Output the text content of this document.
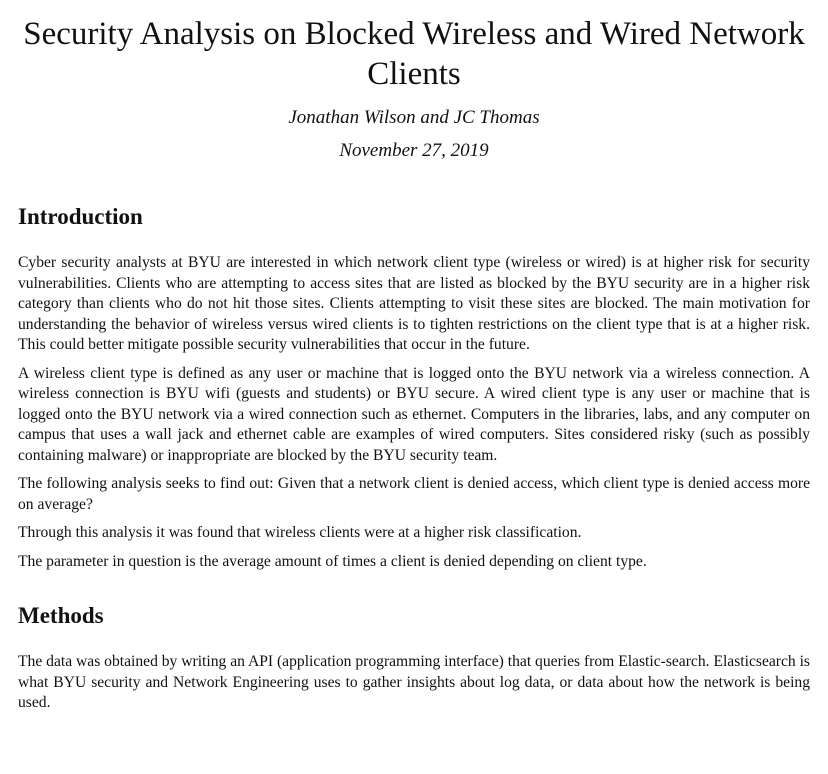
Security Analysis on Blocked Wireless and Wired Network Clients
Jonathan Wilson and JC Thomas
November 27, 2019
Introduction

Cyber security analysts at BYU are interested in which network client type (wireless or wired) is at higher risk for security vulnerabilities. Clients who are attempting to access sites that are listed as blocked by the BYU security are in a higher risk category than clients who do not hit those sites. Clients attempting to visit these sites are blocked. The main motivation for understanding the behavior of wireless versus wired clients is to tighten restrictions on the client type that is at a higher risk. This could better mitigate possible security vulnerabilities that occur in the future.

A wireless client type is defined as any user or machine that is logged onto the BYU network via a wireless connection. A wireless connection is BYU wifi (guests and students) or BYU secure. A wired client type is any user or machine that is logged onto the BYU network via a wired connection such as ethernet. Computers in the libraries, labs, and any computer on campus that uses a wall jack and ethernet cable are examples of wired computers. Sites considered risky (such as possibly containing malware) or inappropriate are blocked by the BYU security team.

The following analysis seeks to find out: Given that a network client is denied access, which client type is denied access more on average?

Through this analysis it was found that wireless clients were at a higher risk classification.

The parameter in question is the average amount of times a client is denied depending on client type.

Methods

The data was obtained by writing an API (application programming interface) that queries from Elastic-search. Elasticsearch is what BYU security and Network Engineering uses to gather insights about log data, or data about how the network is being used.
